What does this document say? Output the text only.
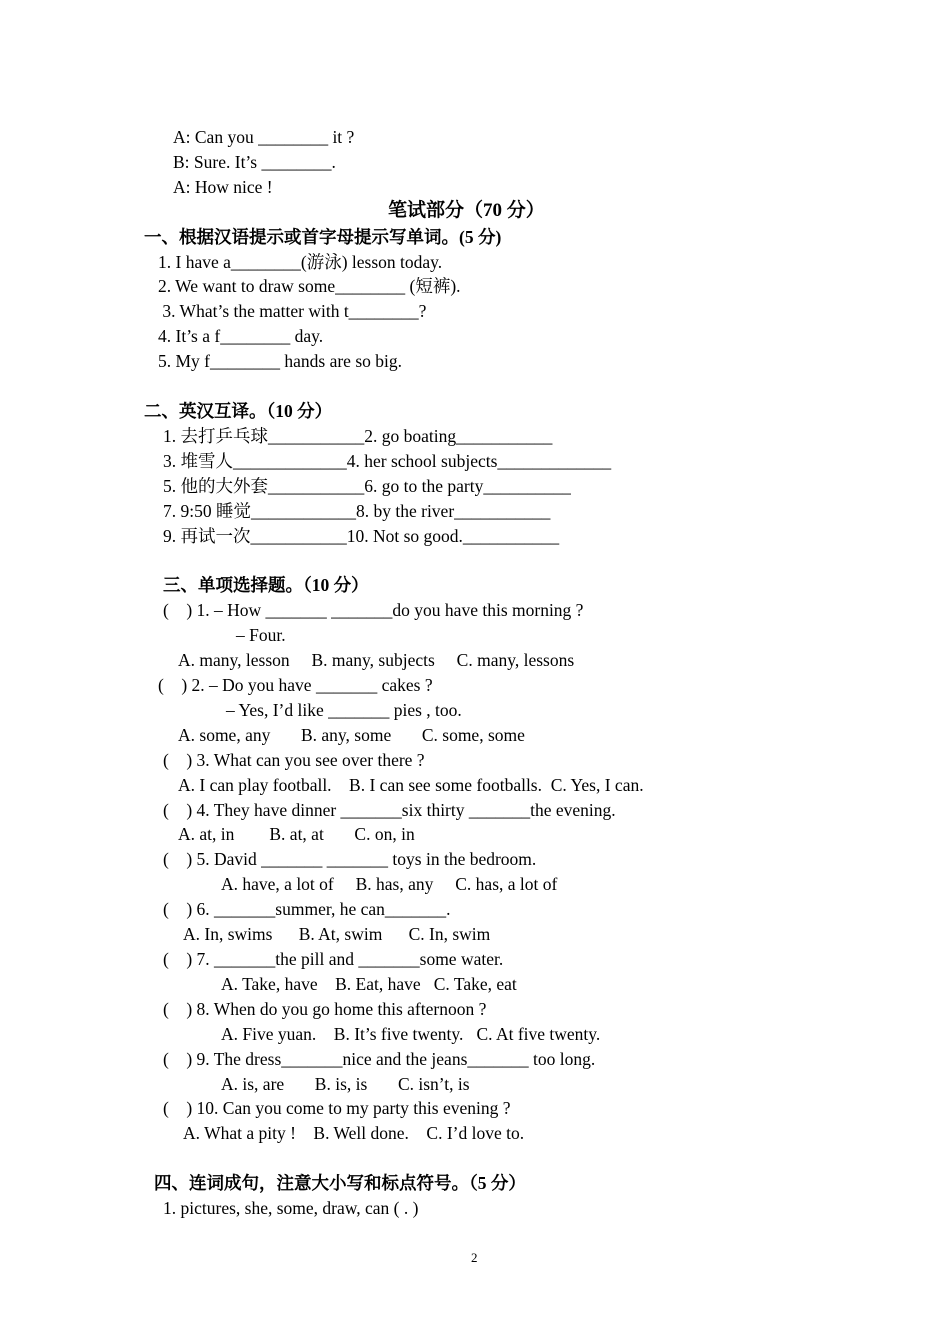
A: Can you ________ it ?
B: Sure. It’s ________.
A: How nice !
笔试部分（70 分）
一、根据汉语提示或首字母提示写单词。(5 分)
1. I have a________(游泳) lesson today.
2. We want to draw some________ (短裤).
3. What’s the matter with t________?
4. It’s a f________ day.
5. My f________ hands are so big.
二、英汉互译。（10 分）
1. 去打乒乓球___________2. go boating___________
3. 堆雪人_____________4. her school subjects_____________
5. 他的大外套___________6. go to the party__________
7. 9:50 睡觉____________8. by the river___________
9. 再试一次___________10. Not so good.___________
三、单项选择题。（10 分）
(    ) 1. – How _______ _______do you have this morning ?
– Four.
A. many, lesson     B. many, subjects     C. many, lessons
(    ) 2. – Do you have _______ cakes ?
– Yes, I’d like _______ pies , too.
A. some, any       B. any, some       C. some, some
(    ) 3. What can you see over there ?
A. I can play football.    B. I can see some footballs.  C. Yes, I can.
(    ) 4. They have dinner _______six thirty _______the evening.
A. at, in        B. at, at       C. on, in
(    ) 5. David _______ _______ toys in the bedroom.
A. have, a lot of     B. has, any     C. has, a lot of
(    ) 6. _______summer, he can_______.
A. In, swims      B. At, swim      C. In, swim
(    ) 7. _______the pill and _______some water.
A. Take, have    B. Eat, have   C. Take, eat
(    ) 8. When do you go home this afternoon ?
A. Five yuan.    B. It’s five twenty.   C. At five twenty.
(    ) 9. The dress_______nice and the jeans_______ too long.
A. is, are       B. is, is       C. isn’t, is
(    ) 10. Can you come to my party this evening ?
A. What a pity !    B. Well done.    C. I’d love to.
四、连词成句，注意大小写和标点符号。（5 分）
1. pictures, she, some, draw, can ( . )
2
